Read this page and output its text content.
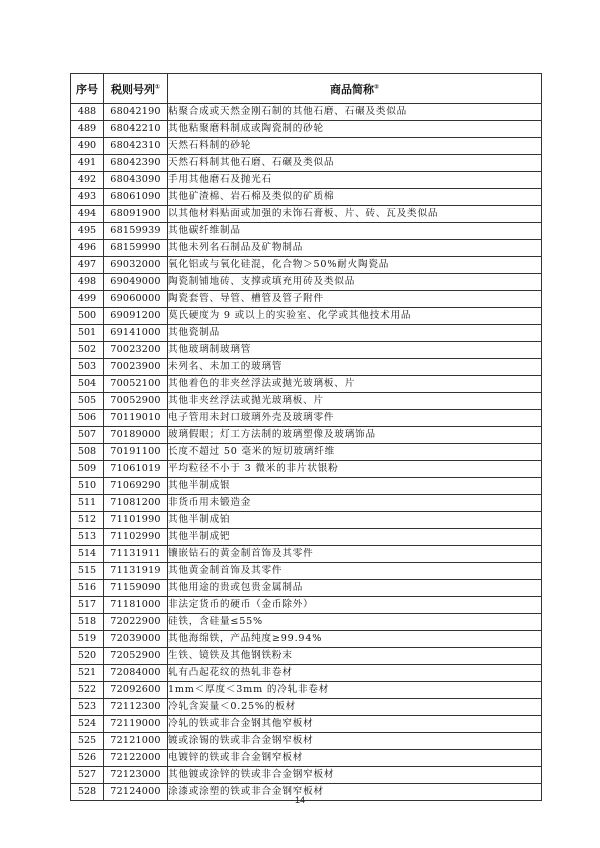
序号	税则号列①	商品简称②
488	68042190	粘聚合成或天然金刚石制的其他石磨、石碾及类似品
489	68042210	其他粘聚磨料制成或陶瓷制的砂轮
490	68042310	天然石料制的砂轮
491	68042390	天然石料制其他石磨、石碾及类似品
492	68043090	手用其他磨石及抛光石
493	68061090	其他矿渣棉、岩石棉及类似的矿质棉
494	68091900	以其他材料贴面或加强的未饰石膏板、片、砖、瓦及类似品
495	68159939	其他碳纤维制品
496	68159990	其他未列名石制品及矿物制品
497	69032000	氧化铝或与氧化硅混，化合物＞50%耐火陶瓷品
498	69049000	陶瓷制铺地砖、支撑或填充用砖及类似品
499	69060000	陶瓷套管、导管、槽管及管子附件
500	69091200	莫氏硬度为 9 或以上的实验室、化学或其他技术用品
501	69141000	其他瓷制品
502	70023200	其他玻璃制玻璃管
503	70023900	未列名、未加工的玻璃管
504	70052100	其他着色的非夹丝浮法或抛光玻璃板、片
505	70052900	其他非夹丝浮法或抛光玻璃板、片
506	70119010	电子管用未封口玻璃外壳及玻璃零件
507	70189000	玻璃假眼；灯工方法制的玻璃塑像及玻璃饰品
508	70191100	长度不超过 50 毫米的短切玻璃纤维
509	71061019	平均粒径不小于 3 微米的非片状银粉
510	71069290	其他半制成银
511	71081200	非货币用未锻造金
512	71101990	其他半制成铂
513	71102990	其他半制成钯
514	71131911	镶嵌钻石的黄金制首饰及其零件
515	71131919	其他黄金制首饰及其零件
516	71159090	其他用途的贵或包贵金属制品
517	71181000	非法定货币的硬币（金币除外）
518	72022900	硅铁，含硅量≤55%
519	72039000	其他海绵铁，产品纯度≥99.94%
520	72052900	生铁、镜铁及其他钢铁粉末
521	72084000	轧有凸起花纹的热轧非卷材
522	72092600	1mm＜厚度＜3mm 的冷轧非卷材
523	72112300	冷轧含炭量＜0.25%的板材
524	72119000	冷轧的铁或非合金钢其他窄板材
525	72121000	镀或涂锡的铁或非合金钢窄板材
526	72122000	电镀锌的铁或非合金钢窄板材
527	72123000	其他镀或涂锌的铁或非合金钢窄板材
528	72124000	涂漆或涂塑的铁或非合金钢窄板材
14
